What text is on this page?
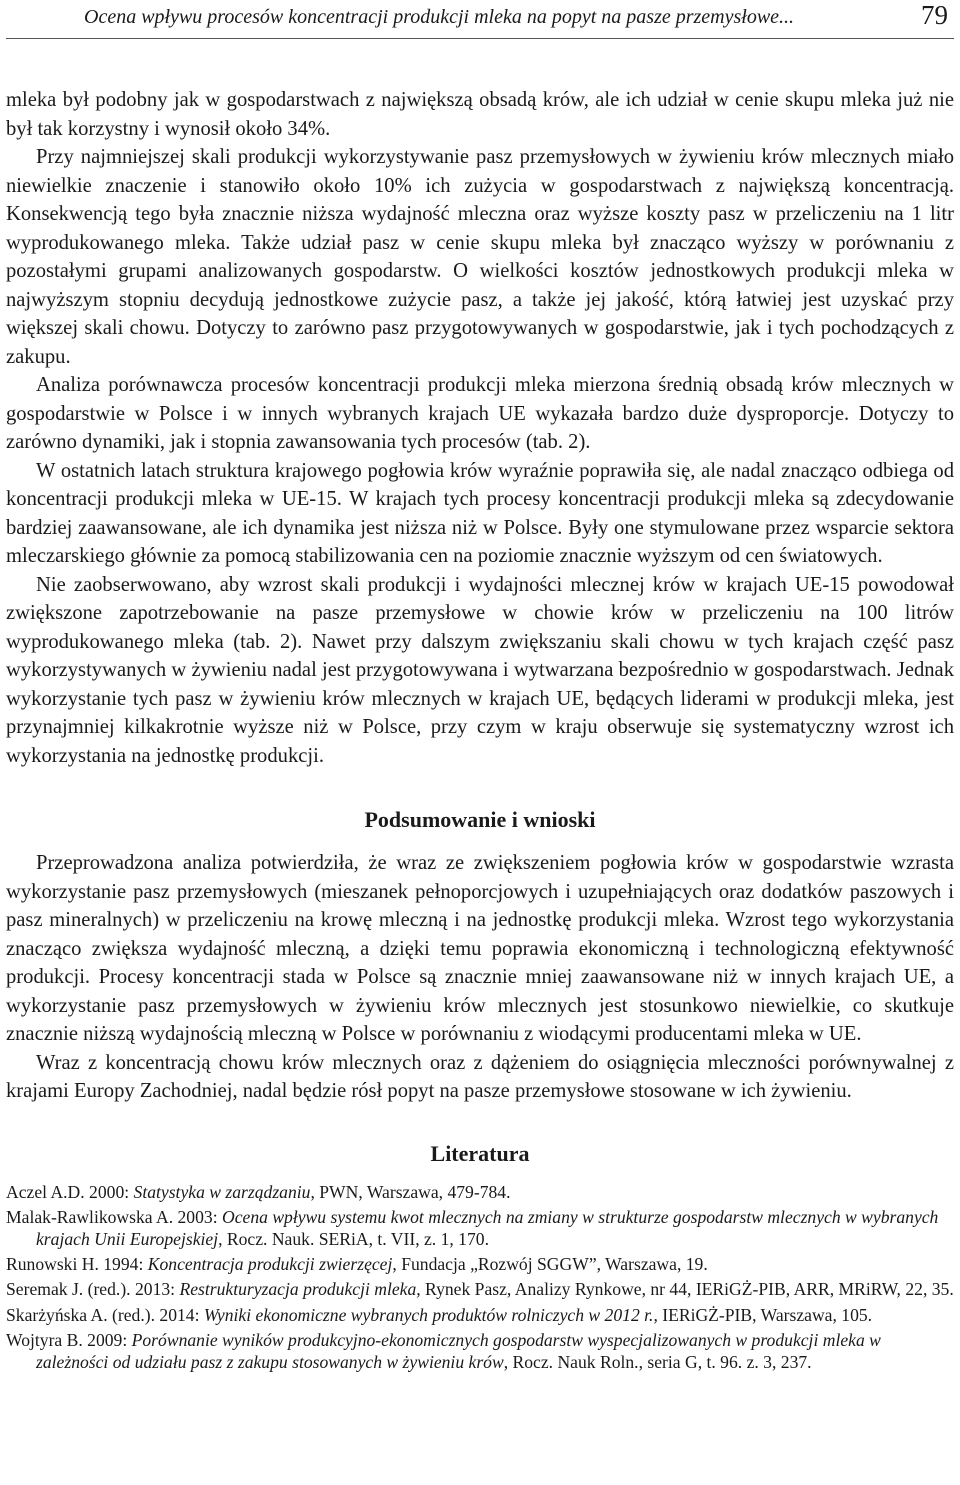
Ocena wpływu procesów koncentracji produkcji mleka na popyt na pasze przemysłowe...	79

mleka był podobny jak w gospodarstwach z największą obsadą krów, ale ich udział w cenie skupu mleka już nie był tak korzystny i wynosił około 34%.

Przy najmniejszej skali produkcji wykorzystywanie pasz przemysłowych w żywieniu krów mlecznych miało niewielkie znaczenie i stanowiło około 10% ich zużycia w gospodarstwach z największą koncentracją. Konsekwencją tego była znacznie niższa wydajność mleczna oraz wyższe koszty pasz w przeliczeniu na 1 litr wyprodukowanego mleka. Także udział pasz w cenie skupu mleka był znacząco wyższy w porównaniu z pozostałymi grupami analizowanych gospodarstw. O wielkości kosztów jednostkowych produkcji mleka w najwyższym stopniu decydują jednostkowe zużycie pasz, a także jej jakość, którą łatwiej jest uzyskać przy większej skali chowu. Dotyczy to zarówno pasz przygotowywanych w gospodarstwie, jak i tych pochodzących z zakupu.

Analiza porównawcza procesów koncentracji produkcji mleka mierzona średnią obsadą krów mlecznych w gospodarstwie w Polsce i w innych wybranych krajach UE wykazała bardzo duże dysproporcje. Dotyczy to zarówno dynamiki, jak i stopnia zawansowania tych procesów (tab. 2).

W ostatnich latach struktura krajowego pogłowia krów wyraźnie poprawiła się, ale nadal znacząco odbiega od koncentracji produkcji mleka w UE-15. W krajach tych procesy koncentracji produkcji mleka są zdecydowanie bardziej zaawansowane, ale ich dynamika jest niższa niż w Polsce. Były one stymulowane przez wsparcie sektora mleczarskiego głównie za pomocą stabilizowania cen na poziomie znacznie wyższym od cen światowych.

Nie zaobserwowano, aby wzrost skali produkcji i wydajności mlecznej krów w krajach UE-15 powodował zwiększone zapotrzebowanie na pasze przemysłowe w chowie krów w przeliczeniu na 100 litrów wyprodukowanego mleka (tab. 2). Nawet przy dalszym zwiększaniu skali chowu w tych krajach część pasz wykorzystywanych w żywieniu nadal jest przygotowywana i wytwarzana bezpośrednio w gospodarstwach. Jednak wykorzystanie tych pasz w żywieniu krów mlecznych w krajach UE, będących liderami w produkcji mleka, jest przynajmniej kilkakrotnie wyższe niż w Polsce, przy czym w kraju obserwuje się systematyczny wzrost ich wykorzystania na jednostkę produkcji.

Podsumowanie i wnioski

Przeprowadzona analiza potwierdziła, że wraz ze zwiększeniem pogłowia krów w gospodarstwie wzrasta wykorzystanie pasz przemysłowych (mieszanek pełnoporcjowych i uzupełniających oraz dodatków paszowych i pasz mineralnych) w przeliczeniu na krowę mleczną i na jednostkę produkcji mleka. Wzrost tego wykorzystania znacząco zwiększa wydajność mleczną, a dzięki temu poprawia ekonomiczną i technologiczną efektywność produkcji. Procesy koncentracji stada w Polsce są znacznie mniej zaawansowane niż w innych krajach UE, a wykorzystanie pasz przemysłowych w żywieniu krów mlecznych jest stosunkowo niewielkie, co skutkuje znacznie niższą wydajnością mleczną w Polsce w porównaniu z wiodącymi producentami mleka w UE.

Wraz z koncentracją chowu krów mlecznych oraz z dążeniem do osiągnięcia mleczności porównywalnej z krajami Europy Zachodniej, nadal będzie rósł popyt na pasze przemysłowe stosowane w ich żywieniu.

Literatura

Aczel A.D. 2000: Statystyka w zarządzaniu, PWN, Warszawa, 479-784.

Malak-Rawlikowska A. 2003: Ocena wpływu systemu kwot mlecznych na zmiany w strukturze gospodarstw mlecznych w wybranych krajach Unii Europejskiej, Rocz. Nauk. SERiA, t. VII, z. 1, 170.

Runowski H. 1994: Koncentracja produkcji zwierzęcej, Fundacja „Rozwój SGGW”, Warszawa, 19.

Seremak J. (red.). 2013: Restrukturyzacja produkcji mleka, Rynek Pasz, Analizy Rynkowe, nr 44, IERiGŻ-PIB, ARR, MRiRW, 22, 35.

Skarżyńska A. (red.). 2014: Wyniki ekonomiczne wybranych produktów rolniczych w 2012 r., IERiGŻ-PIB, Warszawa, 105.

Wojtyra B. 2009: Porównanie wyników produkcyjno-ekonomicznych gospodarstw wyspecjalizowanych w produkcji mleka w zależności od udziału pasz z zakupu stosowanych w żywieniu krów, Rocz. Nauk Roln., seria G, t. 96. z. 3, 237.
